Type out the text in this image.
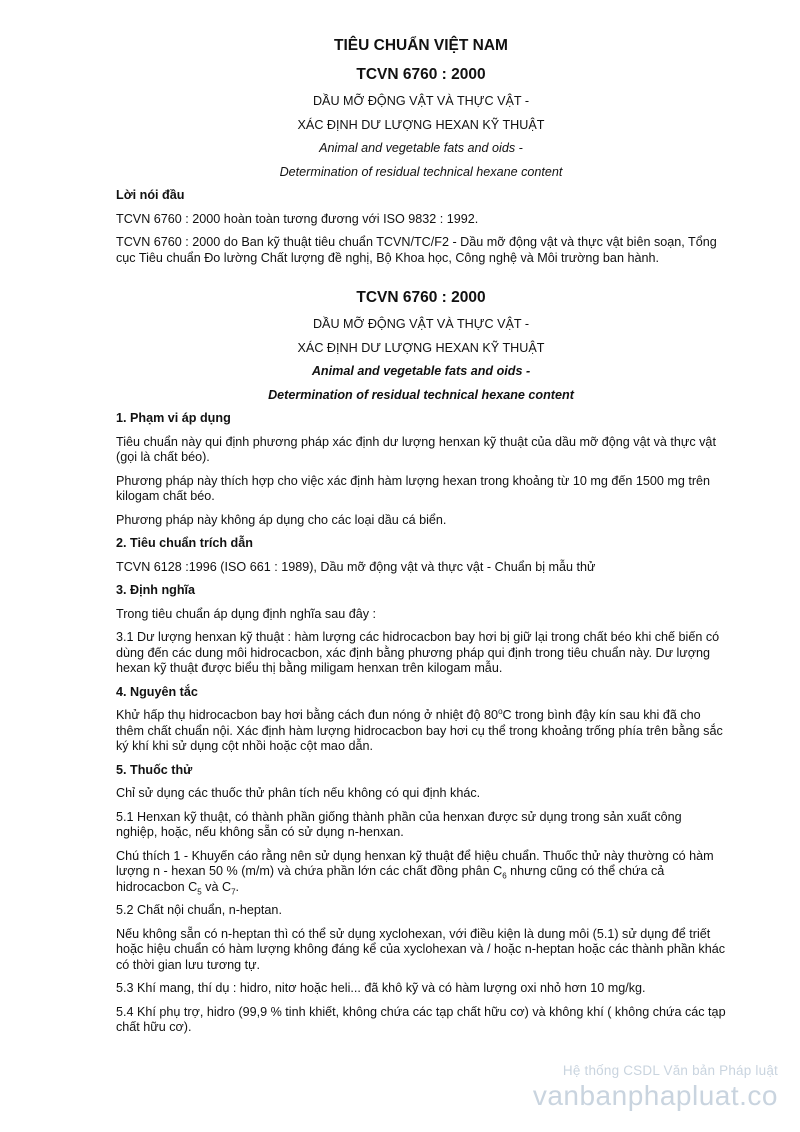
TIÊU CHUẨN VIỆT NAM
TCVN 6760 : 2000
DẦU MỠ ĐỘNG VẬT VÀ THỰC VẬT -
XÁC ĐỊNH DƯ LƯỢNG HEXAN KỸ THUẬT
Animal and vegetable fats and oids -
Determination of residual technical hexane content
Lời nói đầu

TCVN 6760 : 2000 hoàn toàn tương đương với ISO 9832 : 1992.

TCVN 6760 : 2000 do Ban kỹ thuật tiêu chuẩn TCVN/TC/F2 - Dầu mỡ động vật và thực vật biên soạn, Tổng cục Tiêu chuẩn Đo lường Chất lượng đề nghị, Bộ Khoa học, Công nghệ và Môi trường ban hành.

TCVN 6760 : 2000
DẦU MỠ ĐỘNG VẬT VÀ THỰC VẬT -
XÁC ĐỊNH DƯ LƯỢNG HEXAN KỸ THUẬT
Animal and vegetable fats and oids -
Determination of residual technical hexane content
1. Phạm vi áp dụng

Tiêu chuẩn này qui định phương pháp xác định dư lượng henxan kỹ thuật của dầu mỡ động vật và thực vật (gọi là chất béo).

Phương pháp này thích hợp cho việc xác định hàm lượng hexan trong khoảng từ 10 mg đến 1500 mg trên kilogam chất béo.

Phương pháp này không áp dụng cho các loại dầu cá biển.

2. Tiêu chuẩn trích dẫn

TCVN 6128 :1996 (ISO 661 : 1989), Dầu mỡ động vật và thực vật - Chuẩn bị mẫu thử

3. Định nghĩa

Trong tiêu chuẩn áp dụng định nghĩa sau đây :

3.1 Dư lượng henxan kỹ thuật : hàm lượng các hidrocacbon bay hơi bị giữ lại trong chất béo khi chế biến có dùng đến các dung môi hidrocacbon, xác định bằng phương pháp qui định trong tiêu chuẩn này. Dư lượng hexan kỹ thuật được biểu thị bằng miligam henxan trên kilogam mẫu.

4. Nguyên tắc

Khử hấp thụ hidrocacbon bay hơi bằng cách đun nóng ở nhiệt độ 80$^o$C trong bình đậy kín sau khi đã cho thêm chất chuẩn nội. Xác định hàm lượng hidrocacbon bay hơi cụ thể trong khoảng trống phía trên bằng sắc ký khí khi sử dụng cột nhồi hoặc cột mao dẫn.

5. Thuốc thử

Chỉ sử dụng các thuốc thử phân tích nếu không có qui định khác.

5.1 Henxan kỹ thuật, có thành phần giống thành phần của henxan được sử dụng trong sản xuất công nghiệp, hoặc, nếu không sẵn có sử dụng n-henxan.

Chú thích 1 - Khuyến cáo rằng nên sử dụng henxan kỹ thuật để hiệu chuẩn. Thuốc thử này thường có hàm lượng n - hexan 50 % (m/m) và chứa phần lớn các chất đồng phân $C_6$ nhưng cũng có thể chứa cả hidrocacbon $C_5$ và $C_7$.

5.2 Chất nội chuẩn, n-heptan.

Nếu không sẵn có n-heptan thì có thể sử dụng xyclohexan, với điều kiện là dung môi (5.1) sử dụng để triết hoặc hiệu chuẩn có hàm lượng không đáng kể của xyclohexan và / hoặc n-heptan hoặc các thành phần khác có thời gian lưu tương tự.

5.3 Khí mang, thí dụ : hidro, nitơ hoặc heli... đã khô kỹ và có hàm lượng oxi nhỏ hơn 10 mg/kg.

5.4 Khí phụ trợ, hidro (99,9 % tinh khiết, không chứa các tạp chất hữu cơ) và không khí ( không chứa các tạp chất hữu cơ).

Hệ thống CSDL Văn bản Pháp luật
vanbanphapluat.co
